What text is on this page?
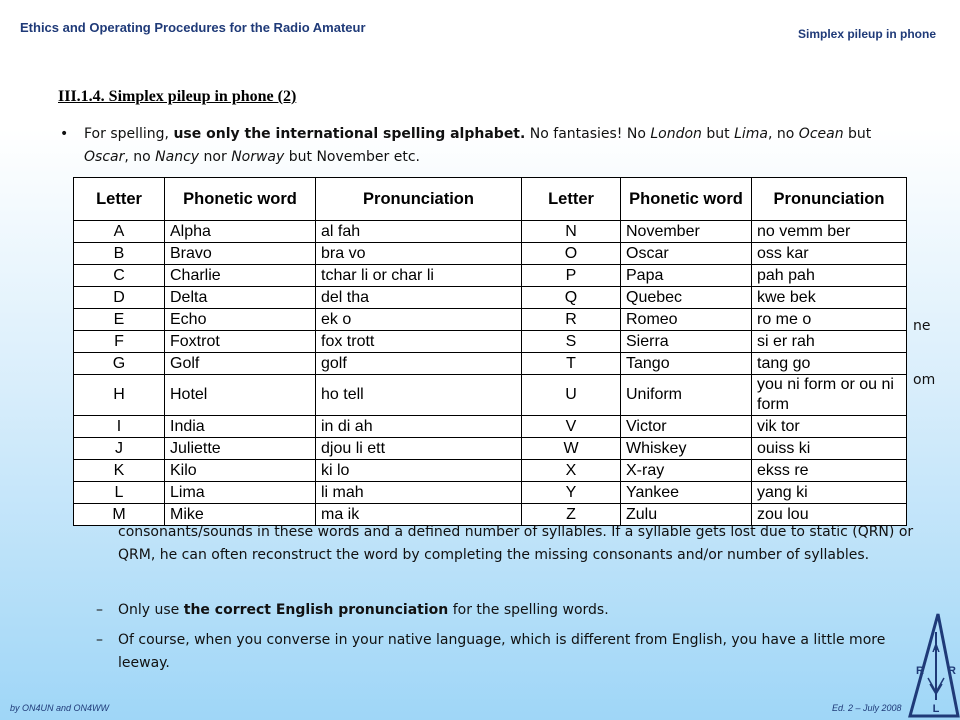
Ethics and Operating Procedures for the Radio Amateur	Simplex pileup in phone
III.1.4. Simplex pileup in phone (2)
• For spelling, use only the international spelling alphabet. No fantasies! No London but Lima, no Ocean but Oscar, no Nancy nor Norway but November etc.
ne
om
Letter	Phonetic word	Pronunciation	Letter	Phonetic word	Pronunciation
A	Alpha	al fah	N	November	no vemm ber
B	Bravo	bra vo	O	Oscar	oss kar
C	Charlie	tchar li or char li	P	Papa	pah pah
D	Delta	del tha	Q	Quebec	kwe bek
E	Echo	ek o	R	Romeo	ro me o
F	Foxtrot	fox trott	S	Sierra	si er rah
G	Golf	golf	T	Tango	tang go
H	Hotel	ho tell	U	Uniform	you ni form or ou ni form
I	India	in di ah	V	Victor	vik tor
J	Juliette	djou li ett	W	Whiskey	ouiss ki
K	Kilo	ki lo	X	X-ray	ekss re
L	Lima	li mah	Y	Yankee	yang ki
M	Mike	ma ik	Z	Zulu	zou lou
consonants/sounds in these words and a defined number of syllables. If a syllable gets lost due to static (QRN) or QRM, he can often reconstruct the word by completing the missing consonants and/or number of syllables.
– Only use the correct English pronunciation for the spelling words.
– Of course, when you converse in your native language, which is different from English, you have a little more leeway.
by ON4UN and ON4WW	Ed. 2 – July 2008
A
R R
L
